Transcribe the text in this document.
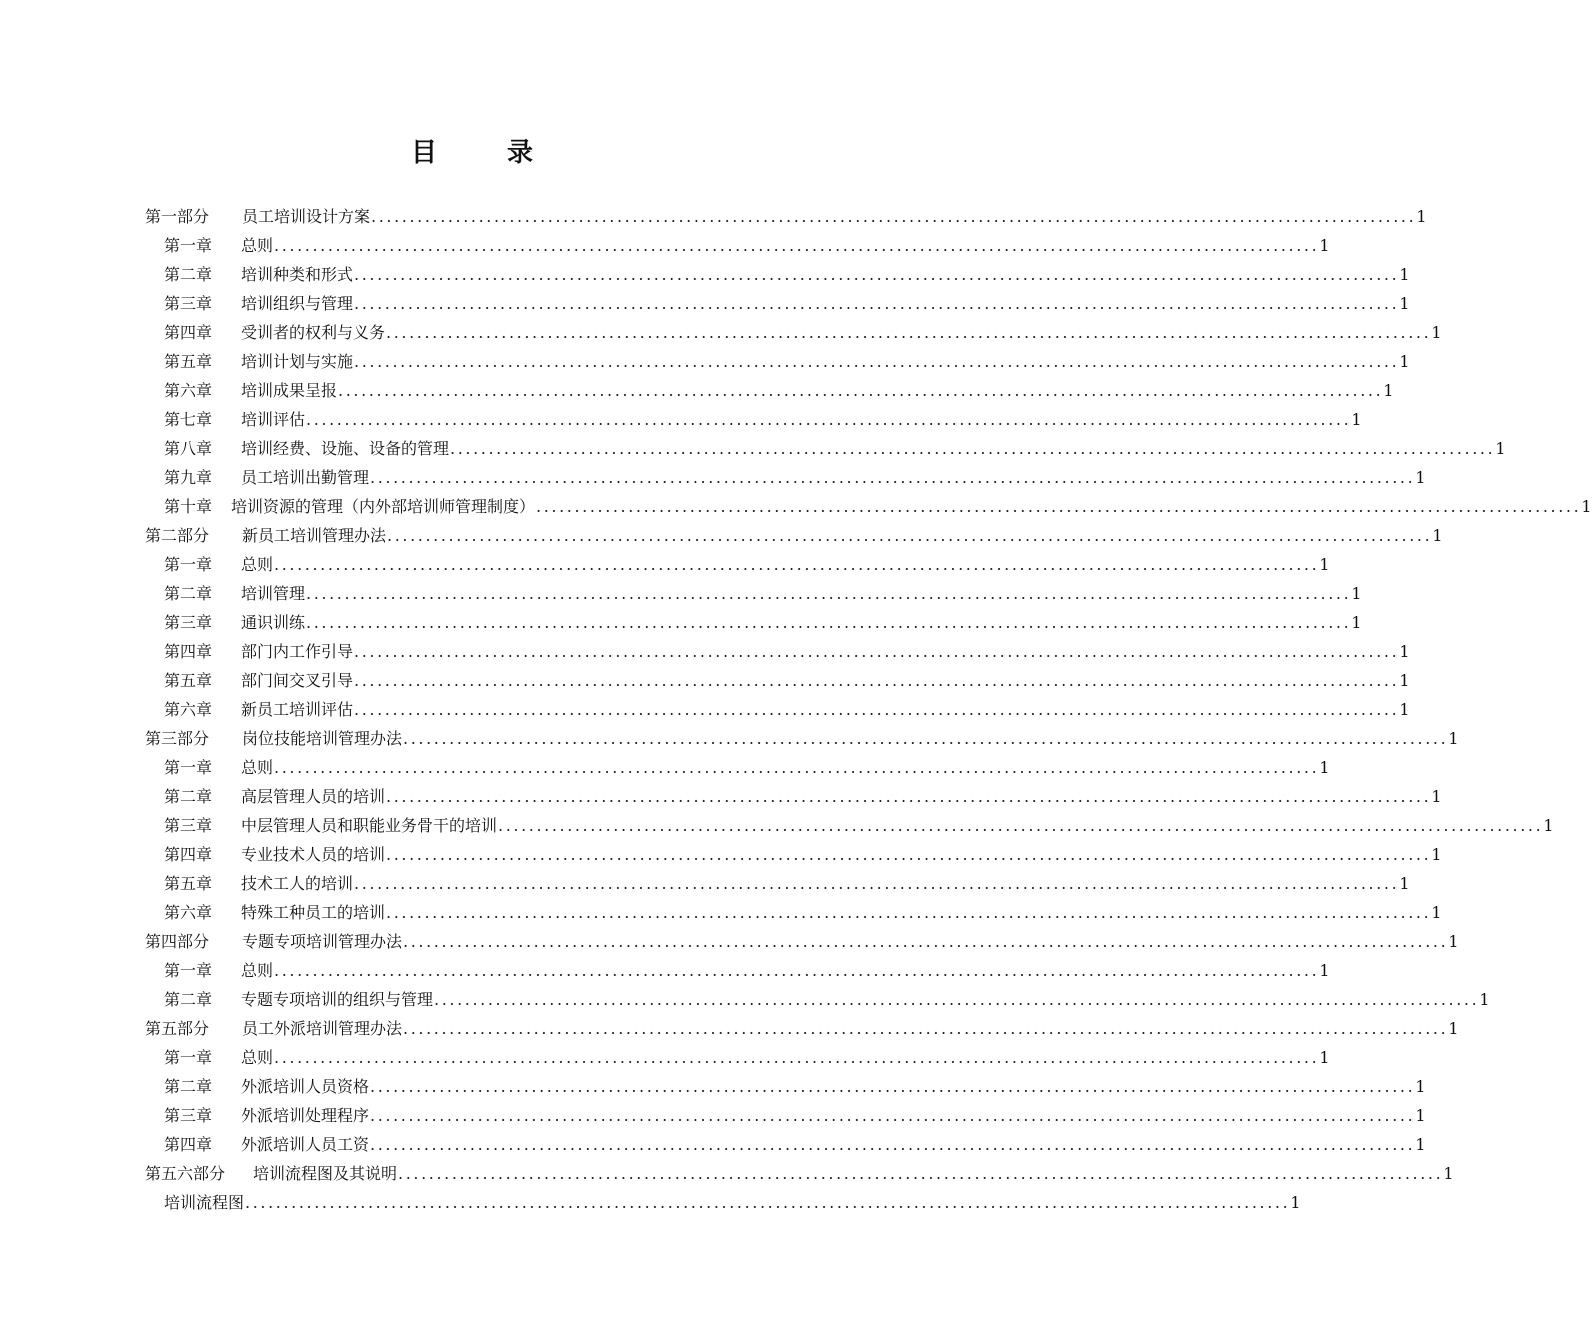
目　录
第一部分	员工培训设计方案 ........................................................................................................................................ 1
第一章	总则 ........................................................................................................................................ 1
第二章	培训种类和形式 ........................................................................................................................................ 1
第三章	培训组织与管理 ........................................................................................................................................ 1
第四章	受训者的权利与义务 ........................................................................................................................................ 1
第五章	培训计划与实施 ........................................................................................................................................ 1
第六章	培训成果呈报 ........................................................................................................................................ 1
第七章	培训评估 ........................................................................................................................................ 1
第八章	培训经费、设施、设备的管理 ........................................................................................................................................ 1
第九章	员工培训出勤管理 ........................................................................................................................................ 1
第十章	培训资源的管理（内外部培训师管理制度） ........................................................................................................................................ 1
第二部分	新员工培训管理办法 ........................................................................................................................................ 1
第一章	总则 ........................................................................................................................................ 1
第二章	培训管理 ........................................................................................................................................ 1
第三章	通识训练 ........................................................................................................................................ 1
第四章	部门内工作引导 ........................................................................................................................................ 1
第五章	部门间交叉引导 ........................................................................................................................................ 1
第六章	新员工培训评估 ........................................................................................................................................ 1
第三部分	岗位技能培训管理办法 ........................................................................................................................................ 1
第一章	总则 ........................................................................................................................................ 1
第二章	高层管理人员的培训 ........................................................................................................................................ 1
第三章	中层管理人员和职能业务骨干的培训 ........................................................................................................................................ 1
第四章	专业技术人员的培训 ........................................................................................................................................ 1
第五章	技术工人的培训 ........................................................................................................................................ 1
第六章	特殊工种员工的培训 ........................................................................................................................................ 1
第四部分	专题专项培训管理办法 ........................................................................................................................................ 1
第一章	总则 ........................................................................................................................................ 1
第二章	专题专项培训的组织与管理 ........................................................................................................................................ 1
第五部分	员工外派培训管理办法 ........................................................................................................................................ 1
第一章	总则 ........................................................................................................................................ 1
第二章	外派培训人员资格 ........................................................................................................................................ 1
第三章	外派培训处理程序 ........................................................................................................................................ 1
第四章	外派培训人员工资 ........................................................................................................................................ 1
第五六部分	培训流程图及其说明 ........................................................................................................................................ 1
培训流程图 ........................................................................................................................................ 1
